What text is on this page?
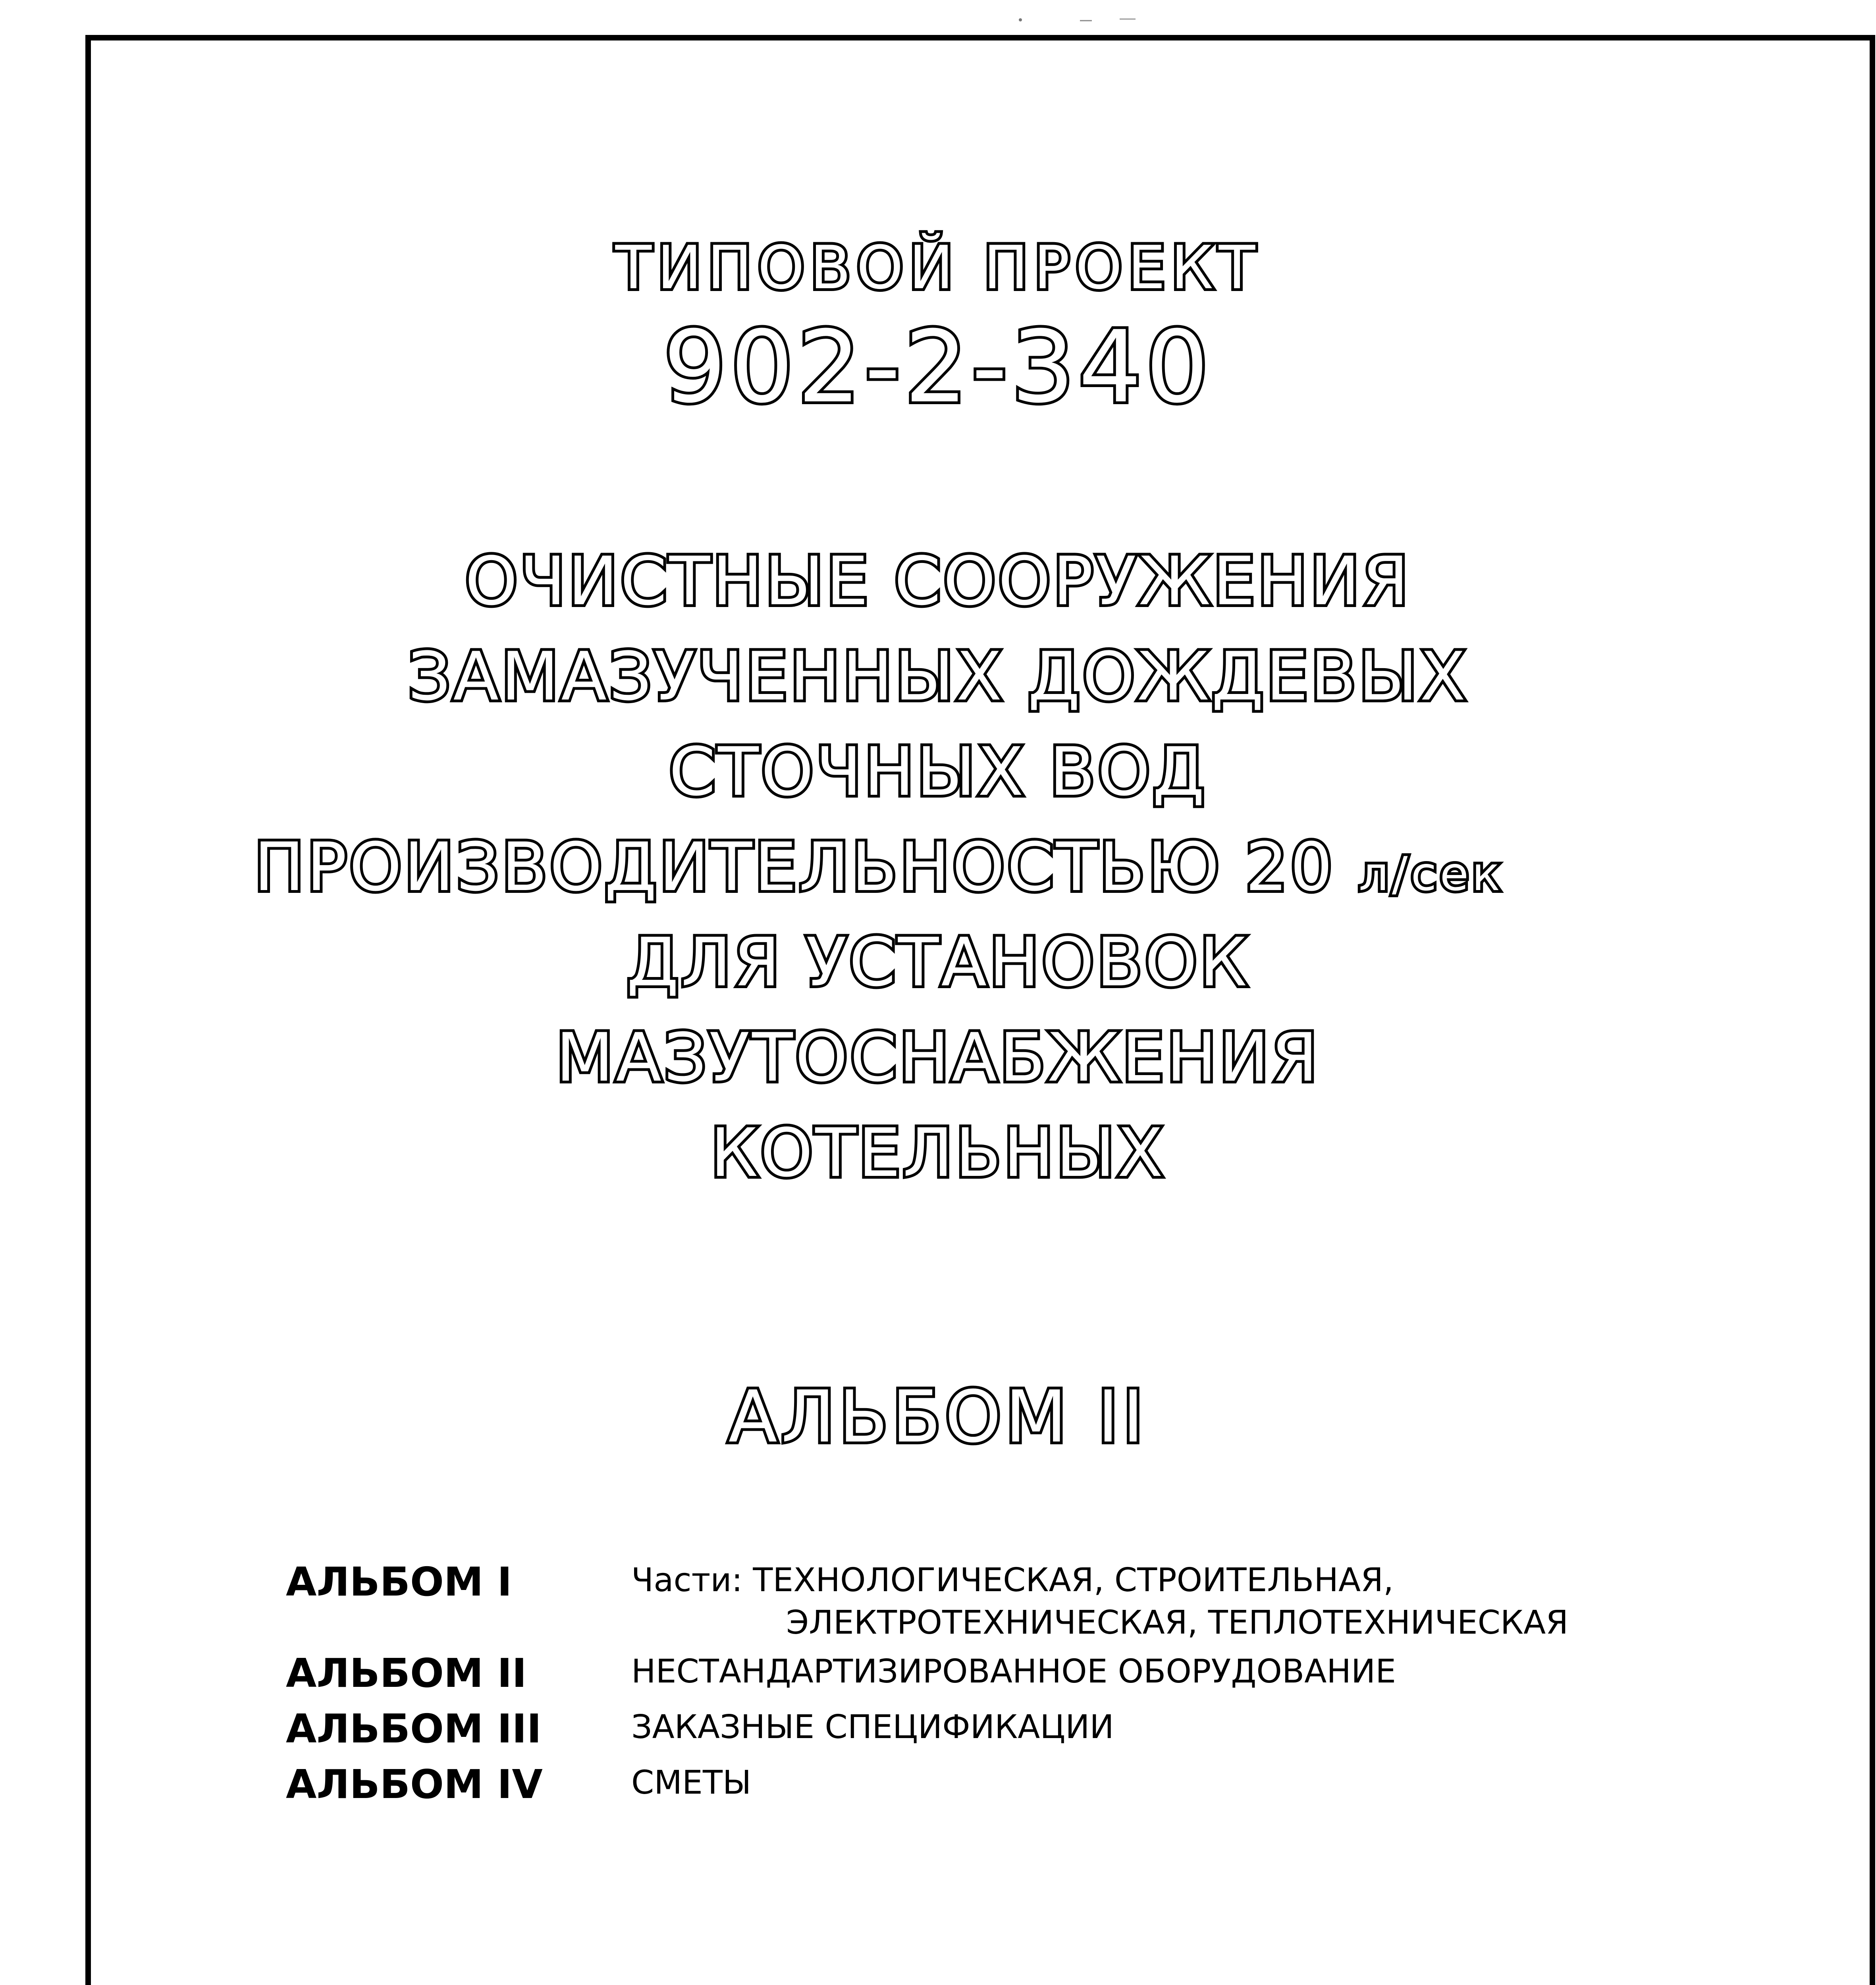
ТИПОВОЙ ПРОЕКТ
902-2-340
ОЧИСТНЫЕ СООРУЖЕНИЯ
ЗАМАЗУЧЕННЫХ ДОЖДЕВЫХ
СТОЧНЫХ ВОД
ПРОИЗВОДИТЕЛЬНОСТЬЮ 20 л/сек
ДЛЯ УСТАНОВОК
МАЗУТОСНАБЖЕНИЯ
КОТЕЛЬНЫХ
АЛЬБОМ II
АЛЬБОМ I	Части: ТЕХНОЛОГИЧЕСКАЯ, СТРОИТЕЛЬНАЯ,
ЭЛЕКТРОТЕХНИЧЕСКАЯ, ТЕПЛОТЕХНИЧЕСКАЯ
АЛЬБОМ II	НЕСТАНДАРТИЗИРОВАННОЕ ОБОРУДОВАНИЕ
АЛЬБОМ III	ЗАКАЗНЫЕ СПЕЦИФИКАЦИИ
АЛЬБОМ IV	СМЕТЫ
